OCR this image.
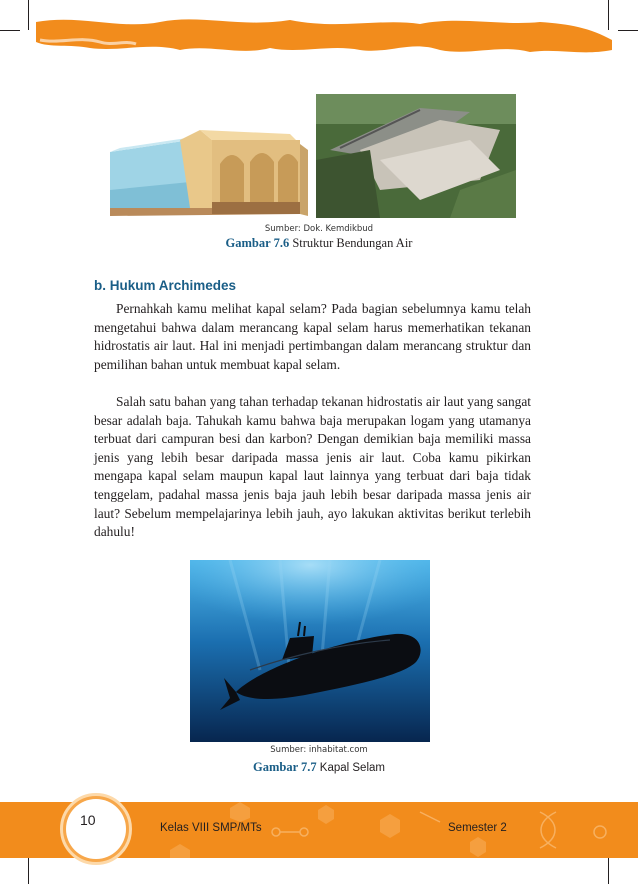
Sumber: Dok. Kemdikbud
Gambar 7.6 Struktur Bendungan Air
b. Hukum Archimedes

Pernahkah kamu melihat kapal selam? Pada bagian sebelumnya kamu telah mengetahui bahwa dalam merancang kapal selam harus memerhatikan tekanan hidrostatis air laut. Hal ini menjadi pertimbangan dalam merancang struktur dan pemilihan bahan untuk membuat kapal selam.

Salah satu bahan yang tahan terhadap tekanan hidrostatis air laut yang sangat besar adalah baja. Tahukah kamu bahwa baja merupakan logam yang utamanya terbuat dari campuran besi dan karbon? Dengan demikian baja memiliki massa jenis yang lebih besar daripada massa jenis air laut. Coba kamu pikirkan mengapa kapal selam maupun kapal laut lainnya yang terbuat dari baja tidak tenggelam, padahal massa jenis baja jauh lebih besar daripada massa jenis air laut? Sebelum mempelajarinya lebih jauh, ayo lakukan aktivitas berikut terlebih dahulu!

Sumber: inhabitat.com
Gambar 7.7 Kapal Selam
10	Kelas VIII SMP/MTs	Semester 2
